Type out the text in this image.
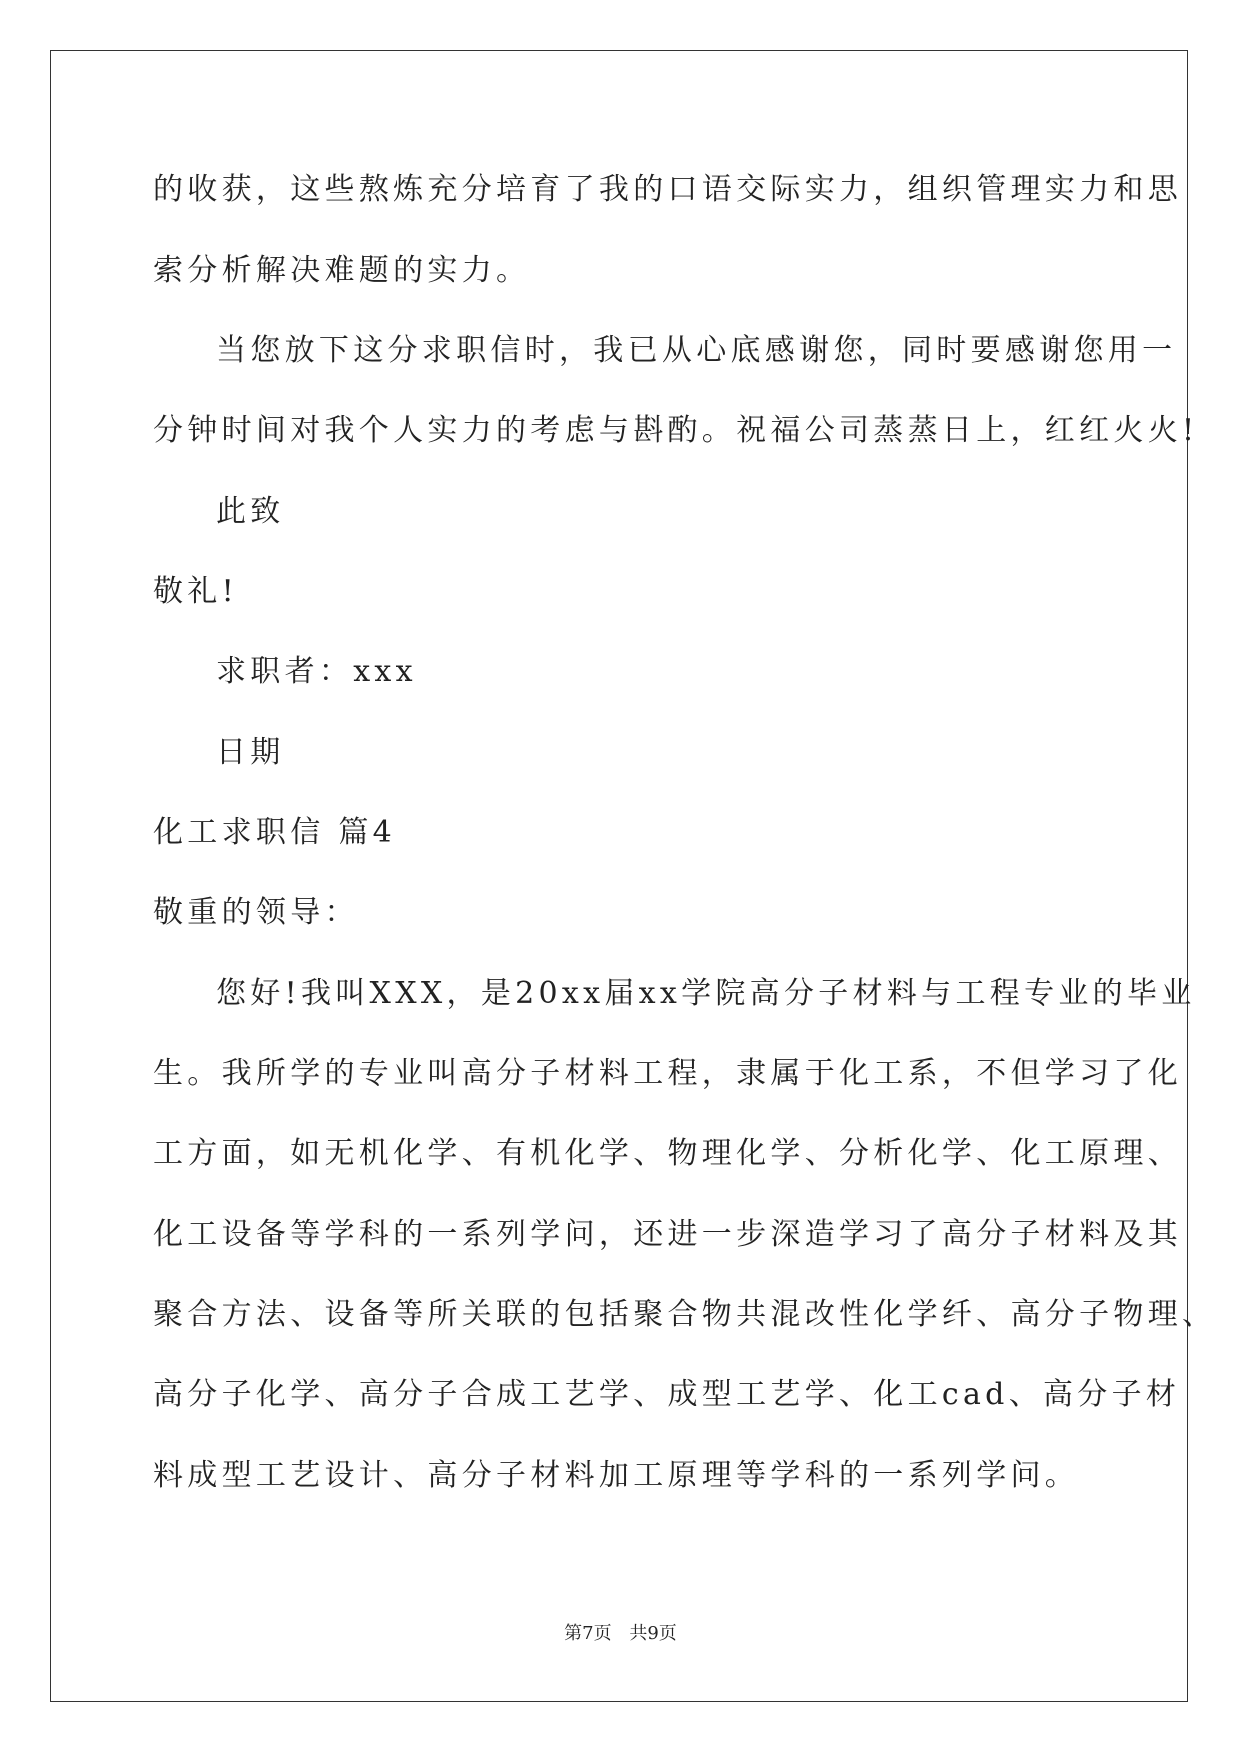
的收获，这些熬炼充分培育了我的口语交际实力，组织管理实力和思
索分析解决难题的实力。
当您放下这分求职信时，我已从心底感谢您，同时要感谢您用一
分钟时间对我个人实力的考虑与斟酌。祝福公司蒸蒸日上，红红火火!
此致
敬礼!
求职者：xxx
日期
化工求职信 篇4
敬重的领导：
您好!我叫XXX，是20xx届xx学院高分子材料与工程专业的毕业
生。我所学的专业叫高分子材料工程，隶属于化工系，不但学习了化
工方面，如无机化学、有机化学、物理化学、分析化学、化工原理、
化工设备等学科的一系列学问，还进一步深造学习了高分子材料及其
聚合方法、设备等所关联的包括聚合物共混改性化学纤、高分子物理、
高分子化学、高分子合成工艺学、成型工艺学、化工cad、高分子材
料成型工艺设计、高分子材料加工原理等学科的一系列学问。
第7页 共9页
